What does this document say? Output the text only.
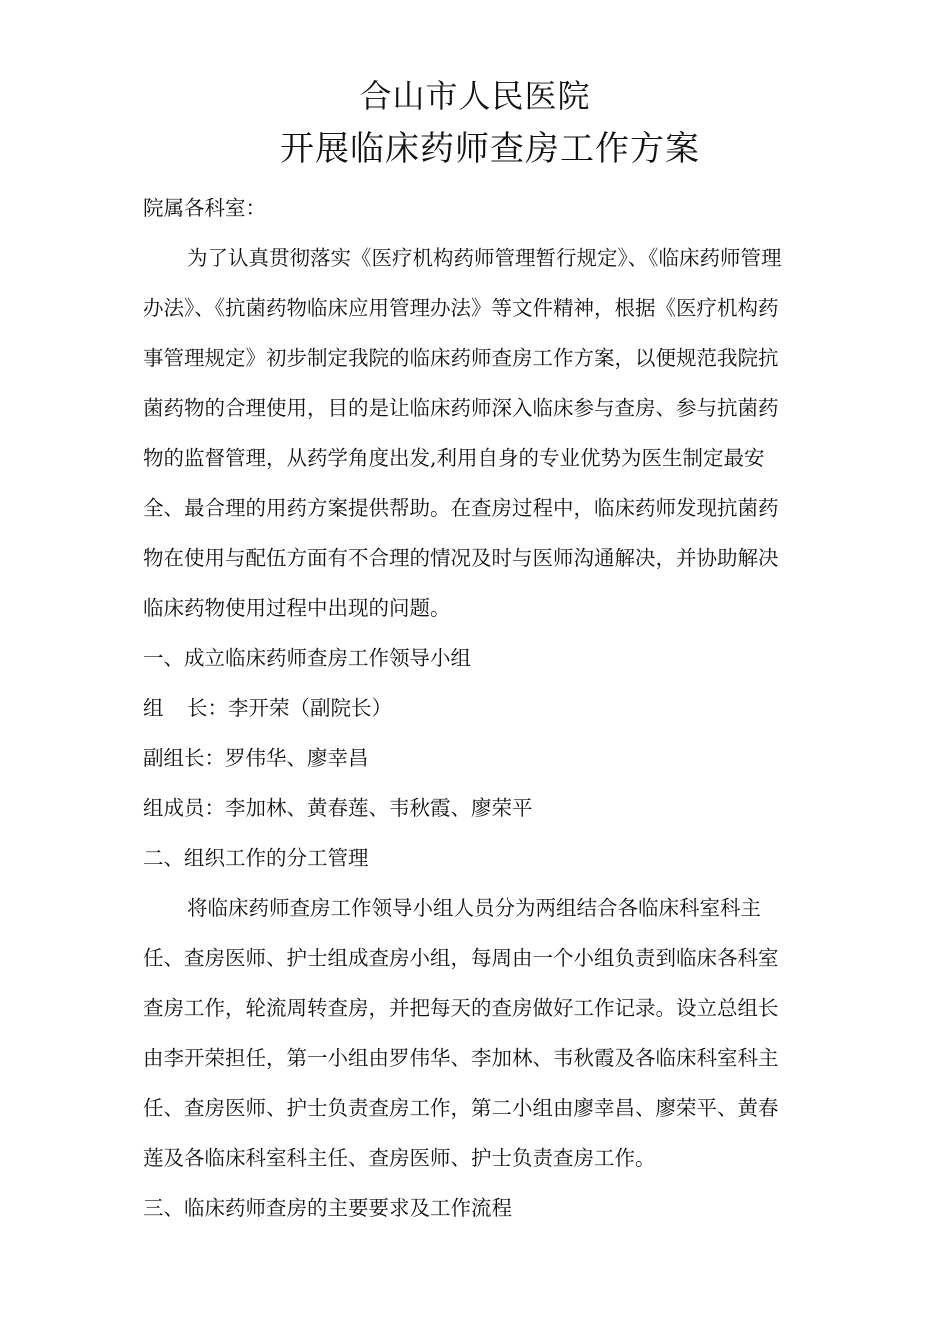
合山市人民医院
开展临床药师查房工作方案
院属各科室：
为了认真贯彻落实《医疗机构药师管理暂行规定》、《临床药师管理
办法》、《抗菌药物临床应用管理办法》等文件精神，根据《医疗机构药
事管理规定》初步制定我院的临床药师查房工作方案，以便规范我院抗
菌药物的合理使用，目的是让临床药师深入临床参与查房、参与抗菌药
物的监督管理，从药学角度出发,利用自身的专业优势为医生制定最安
全、最合理的用药方案提供帮助。在查房过程中，临床药师发现抗菌药
物在使用与配伍方面有不合理的情况及时与医师沟通解决，并协助解决
临床药物使用过程中出现的问题。
一、成立临床药师查房工作领导小组
组 长：李开荣（副院长）
副组长：罗伟华、廖幸昌
组成员：李加林、黄春莲、韦秋霞、廖荣平
二、组织工作的分工管理
将临床药师查房工作领导小组人员分为两组结合各临床科室科主
任、查房医师、护士组成查房小组，每周由一个小组负责到临床各科室
查房工作，轮流周转查房，并把每天的查房做好工作记录。设立总组长
由李开荣担任，第一小组由罗伟华、李加林、韦秋霞及各临床科室科主
任、查房医师、护士负责查房工作，第二小组由廖幸昌、廖荣平、黄春
莲及各临床科室科主任、查房医师、护士负责查房工作。
三、临床药师查房的主要要求及工作流程
